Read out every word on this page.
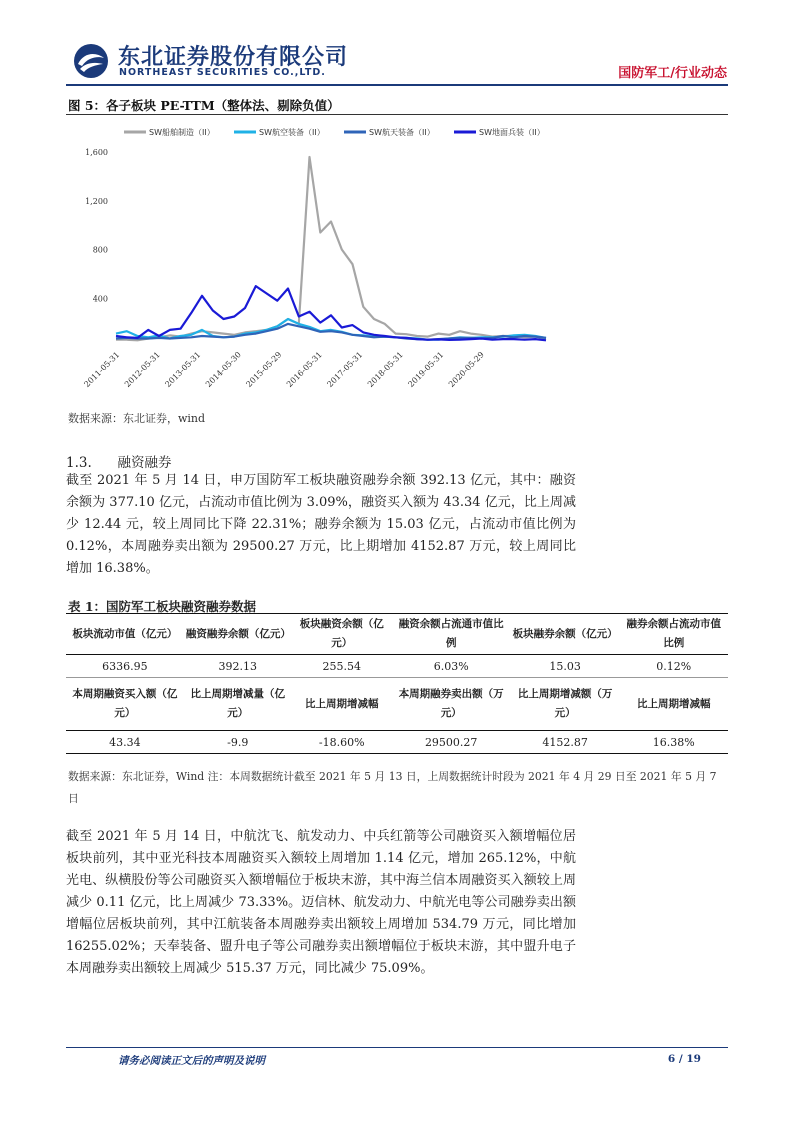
东北证券股份有限公司
NORTHEAST SECURITIES CO.,LTD.	国防军工/行业动态
图 5：各子板块 PE-TTM（整体法、剔除负值）
SW船舶制造（II）	SW航空装备（II）	SW航天装备（II）	SW地面兵装（II）
400
800
1,200
1,600
2011-05-31 2012-05-31 2013-05-31 2014-05-30 2015-05-29 2016-05-31 2017-05-31 2018-05-31 2019-05-31 2020-05-29
数据来源：东北证券，wind
1.3.      融资融券
截至 2021 年 5 月 14 日，申万国防军工板块融资融券余额 392.13 亿元，其中：融资余额为 377.10 亿元，占流动市值比例为 3.09%，融资买入额为 43.34 亿元，比上周减少 12.44 元，较上周同比下降 22.31%；融券余额为 15.03 亿元，占流动市值比例为 0.12%，本周融券卖出额为 29500.27 万元，比上期增加 4152.87 万元，较上周同比增加 16.38%。
表 1：国防军工板块融资融券数据
板块流动市值（亿元）	融资融券余额（亿元）	板块融资余额（亿元）	融资余额占流通市值比例	板块融券余额（亿元）	融券余额占流动市值比例
6336.95	392.13	255.54	6.03%	15.03	0.12%
本周期融资买入额（亿元）	比上周期增减量（亿元）	比上周期增减幅	本周期融券卖出额（万元）	比上周期增减额（万元）	比上周期增减幅
43.34	-9.9	-18.60%	29500.27	4152.87	16.38%
数据来源：东北证券，Wind 注：本周数据统计截至 2021 年 5 月 13 日，上周数据统计时段为 2021 年 4 月 29 日至 2021 年 5 月 7 日
截至 2021 年 5 月 14 日，中航沈飞、航发动力、中兵红箭等公司融资买入额增幅位居板块前列，其中亚光科技本周融资买入额较上周增加 1.14 亿元，增加 265.12%，中航光电、纵横股份等公司融资买入额增幅位于板块末游，其中海兰信本周融资买入额较上周减少 0.11 亿元，比上周减少 73.33%。迈信林、航发动力、中航光电等公司融券卖出额增幅位居板块前列，其中江航装备本周融券卖出额较上周增加 534.79 万元，同比增加 16255.02%；天奉装备、盟升电子等公司融券卖出额增幅位于板块末游，其中盟升电子本周融券卖出额较上周减少 515.37 万元，同比减少 75.09%。
请务必阅读正文后的声明及说明	6 / 19
